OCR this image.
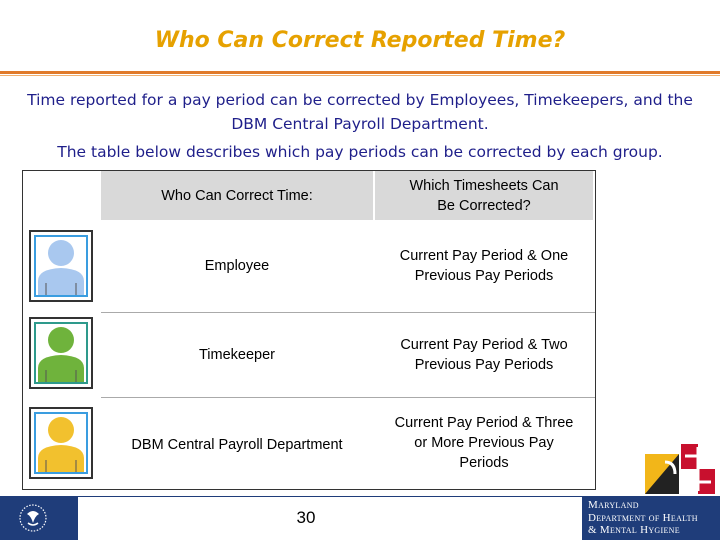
Who Can Correct Reported Time?

Time reported for a pay period can be corrected by Employees, Timekeepers, and the DBM Central Payroll Department.

The table below describes which pay periods can be corrected by each group.

Who Can Correct Time:
Which Timesheets Can Be Corrected?
Employee
Current Pay Period & One Previous Pay Periods
Timekeeper
Current Pay Period & Two Previous Pay Periods
DBM Central Payroll Department
Current Pay Period & Three or More Previous Pay Periods
30
Maryland
Department of Health
& Mental Hygiene
